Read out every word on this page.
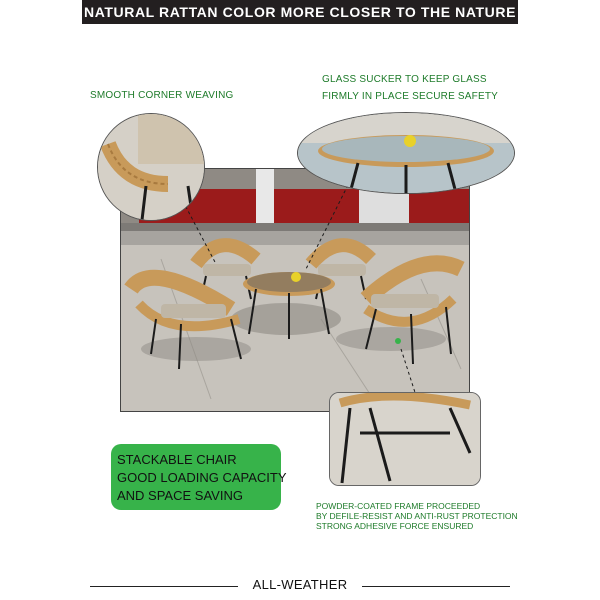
NATURAL RATTAN COLOR MORE CLOSER TO THE NATURE
SMOOTH CORNER WEAVING
GLASS SUCKER TO KEEP GLASS
FIRMLY IN PLACE SECURE SAFETY
STACKABLE CHAIR
GOOD LOADING CAPACITY
AND SPACE SAVING
POWDER-COATED FRAME PROCEEDED
BY DEFILE-RESIST AND ANTI-RUST PROTECTION
STRONG ADHESIVE FORCE ENSURED
ALL-WEATHER
